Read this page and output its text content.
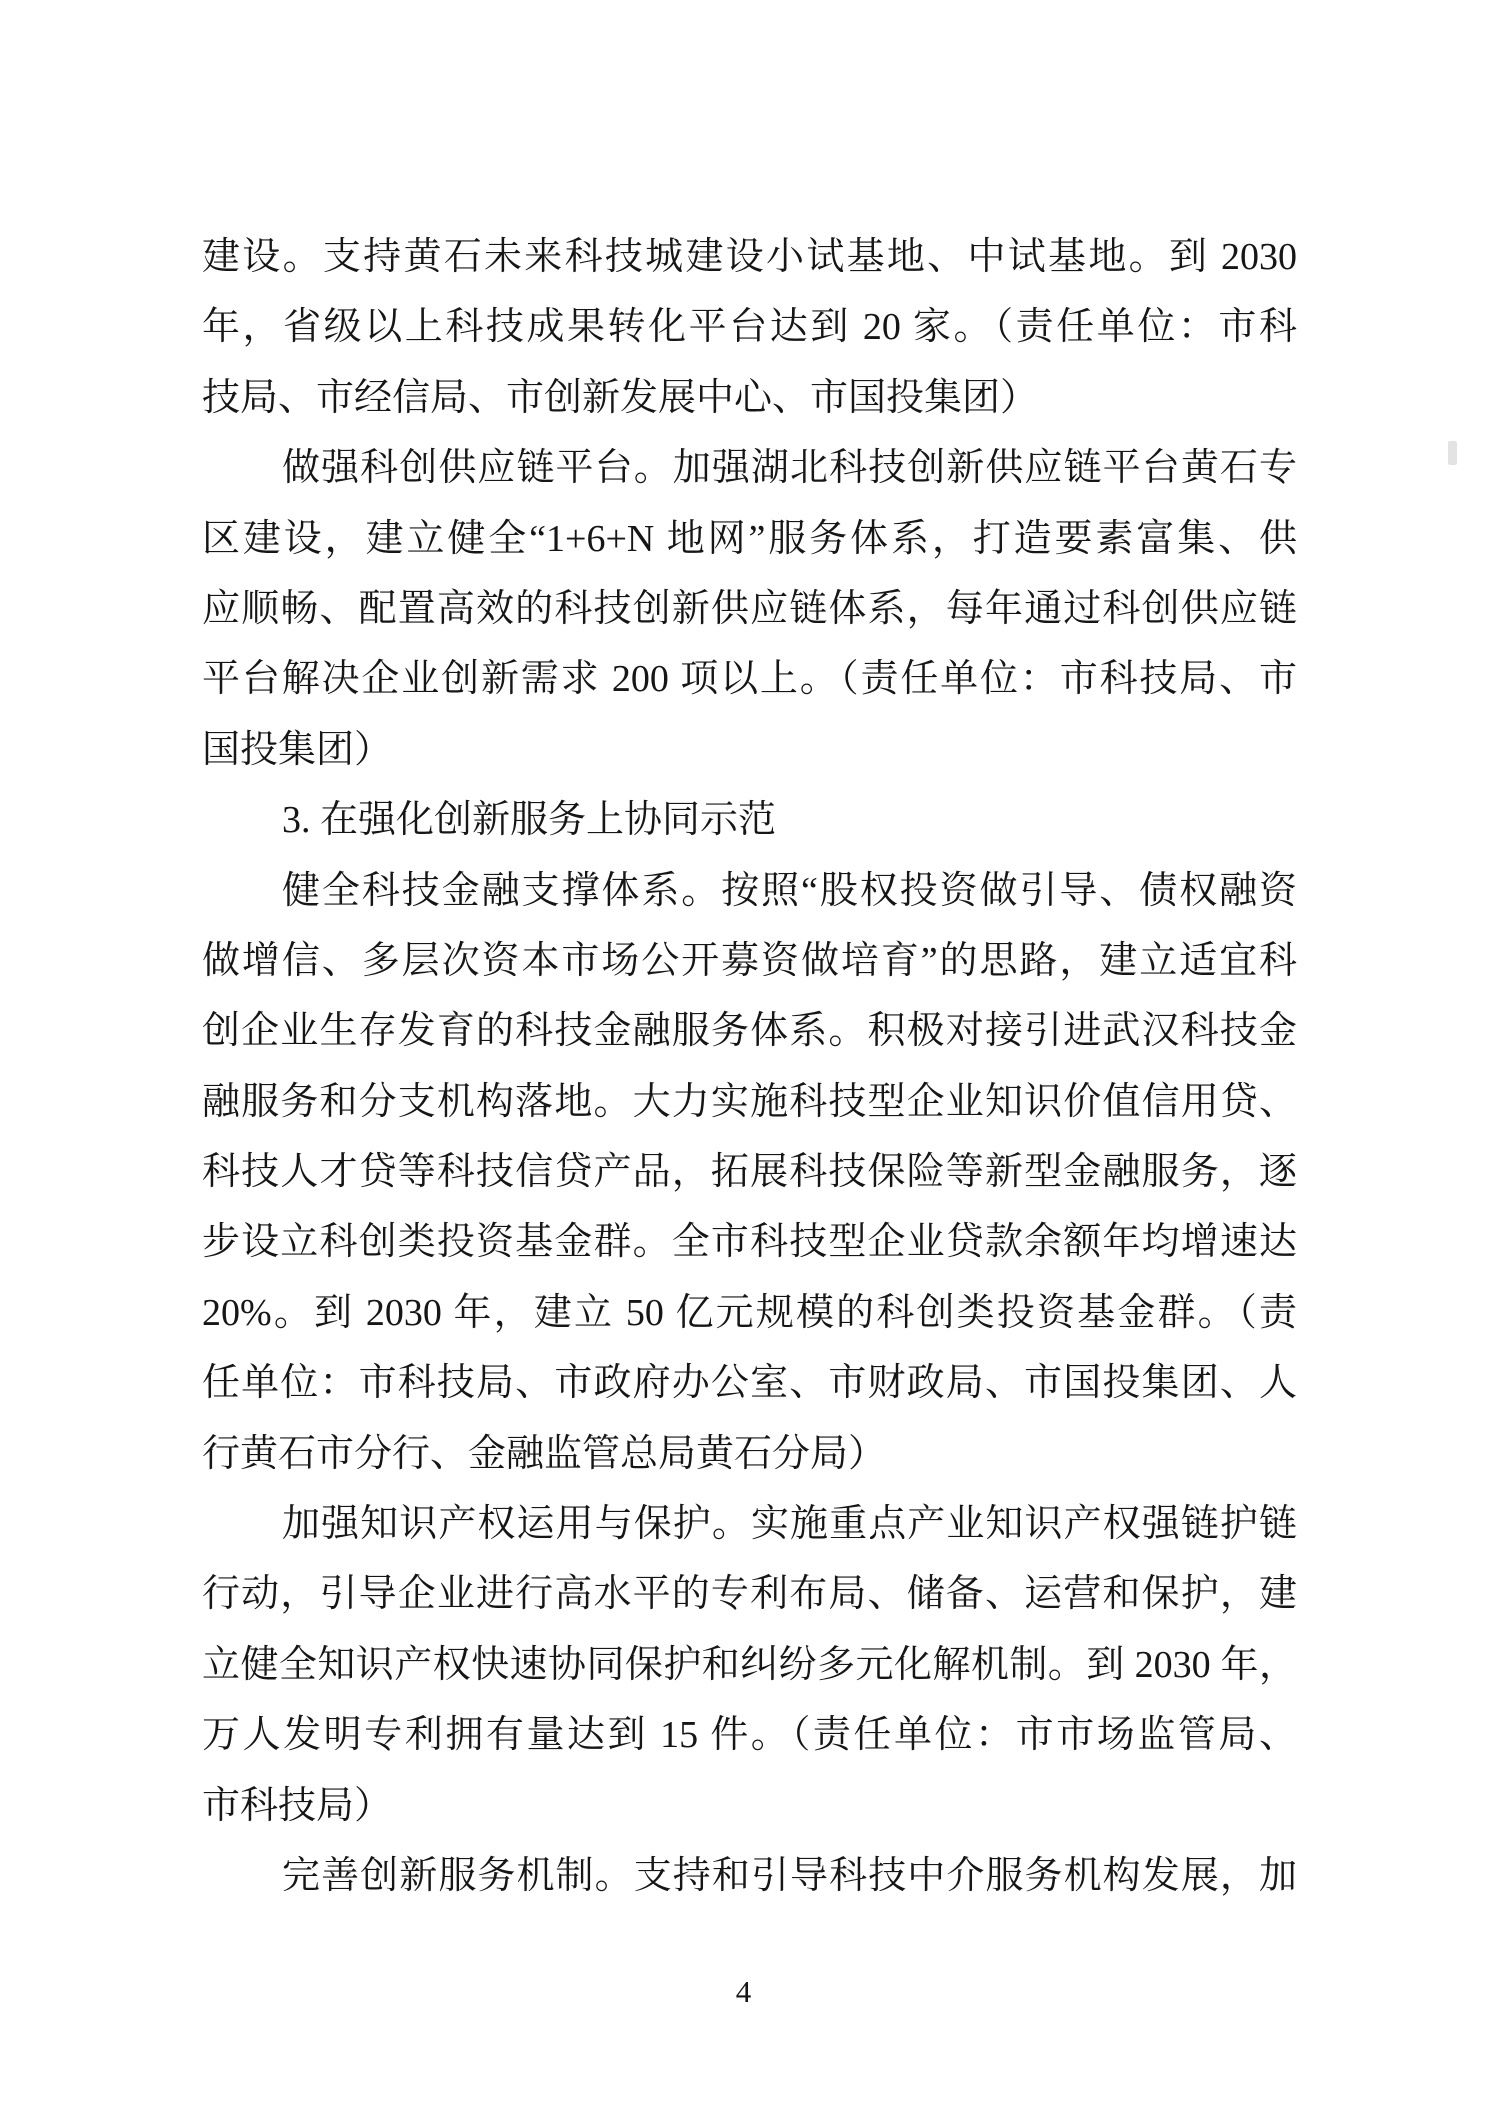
建设。支持黄石未来科技城建设小试基地、中试基地。到 2030
年，省级以上科技成果转化平台达到 20 家。（责任单位：市科
技局、市经信局、市创新发展中心、市国投集团）
做强科创供应链平台。加强湖北科技创新供应链平台黄石专
区建设，建立健全“1+6+N 地网”服务体系，打造要素富集、供
应顺畅、配置高效的科技创新供应链体系，每年通过科创供应链
平台解决企业创新需求 200 项以上。（责任单位：市科技局、市
国投集团）
3. 在强化创新服务上协同示范
健全科技金融支撑体系。按照“股权投资做引导、债权融资
做增信、多层次资本市场公开募资做培育”的思路，建立适宜科
创企业生存发育的科技金融服务体系。积极对接引进武汉科技金
融服务和分支机构落地。大力实施科技型企业知识价值信用贷、
科技人才贷等科技信贷产品，拓展科技保险等新型金融服务，逐
步设立科创类投资基金群。全市科技型企业贷款余额年均增速达
20%。到 2030 年，建立 50 亿元规模的科创类投资基金群。（责
任单位：市科技局、市政府办公室、市财政局、市国投集团、人
行黄石市分行、金融监管总局黄石分局）
加强知识产权运用与保护。实施重点产业知识产权强链护链
行动，引导企业进行高水平的专利布局、储备、运营和保护，建
立健全知识产权快速协同保护和纠纷多元化解机制。到 2030 年，
万人发明专利拥有量达到 15 件。（责任单位：市市场监管局、
市科技局）
完善创新服务机制。支持和引导科技中介服务机构发展，加
4
